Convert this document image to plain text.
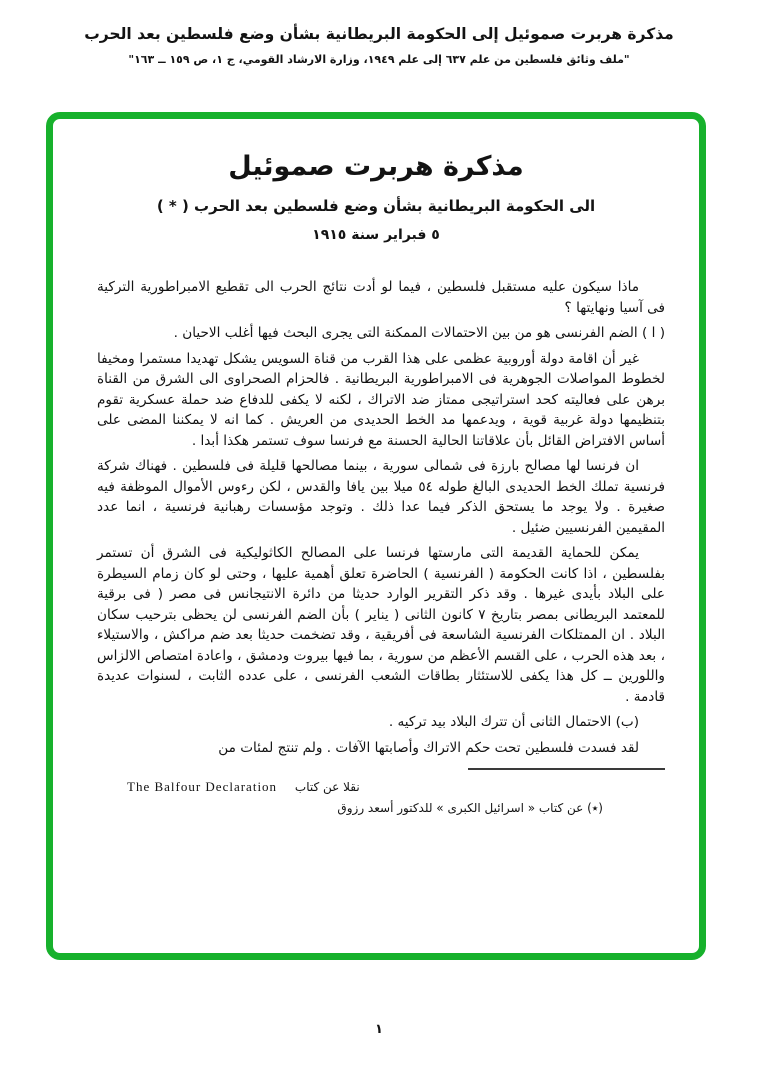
مذكرة هربرت صموئيل إلى الحكومة البريطانية بشأن وضع فلسطين بعد الحرب
"ملف وثائق فلسطين من علم ٦٣٧ إلى علم ١٩٤٩، وزارة الارشاد القومي، ج ١، ص ١٥٩ ــ ١٦٣"
مذكرة هربرت صموئيل
الى الحكومة البريطانية بشأن وضع فلسطين بعد الحرب ( * )
٥ فبراير سنة ١٩١٥

ماذا سيكون عليه مستقبل فلسطين ، فيما لو أدت نتائج الحرب الى تقطيع الامبراطورية التركية فى آسيا ونهايتها ؟

( ا ) الضم الفرنسى هو من بين الاحتمالات الممكنة التى يجرى البحث فيها أغلب الاحيان .

غير أن اقامة دولة أوروبية عظمى على هذا القرب من قناة السويس يشكل تهديدا مستمرا ومخيفا لخطوط المواصلات الجوهرية فى الامبراطورية البريطانية . فالحزام الصحراوى الى الشرق من القناة برهن على فعاليته كحد استراتيجى ممتاز ضد الاتراك ، لكنه لا يكفى للدفاع ضد حملة عسكرية تقوم بتنظيمها دولة غربية قوية ، ويدعمها مد الخط الحديدى من العريش . كما انه لا يمكننا المضى على أساس الافتراض القائل بأن علاقاتنا الحالية الحسنة مع فرنسا سوف تستمر هكذا أبدا .

ان فرنسا لها مصالح بارزة فى شمالى سورية ، بينما مصالحها قليلة فى فلسطين . فهناك شركة فرنسية تملك الخط الحديدى البالغ طوله ٥٤ ميلا بين يافا والقدس ، لكن رءوس الأموال الموظفة فيه صغيرة . ولا يوجد ما يستحق الذكر فيما عدا ذلك . وتوجد مؤسسات رهبانية فرنسية ، انما عدد المقيمين الفرنسيين ضئيل .

يمكن للحماية القديمة التى مارستها فرنسا على المصالح الكاثوليكية فى الشرق أن تستمر بفلسطين ، اذا كانت الحكومة ( الفرنسية ) الحاضرة تعلق أهمية عليها ، وحتى لو كان زمام السيطرة على البلاد بأيدى غيرها . وقد ذكر التقرير الوارد حديثا من دائرة الانتيجانس فى مصر ( فى برقية للمعتمد البريطانى بمصر بتاريخ ٧ كانون الثانى ( يناير ) بأن الضم الفرنسى لن يحظى بترحيب سكان البلاد . ان الممتلكات الفرنسية الشاسعة فى أفريقية ، وقد تضخمت حديثا بعد ضم مراكش ، والاستيلاء ، بعد هذه الحرب ، على القسم الأعظم من سورية ، بما فيها بيروت ودمشق ، واعادة امتصاص الالزاس واللورين ــ كل هذا يكفى للاستئثار بطاقات الشعب الفرنسى ، على عدده الثابت ، لسنوات عديدة قادمة .

(ب) الاحتمال الثانى أن تترك البلاد بيد تركيه .

لقد فسدت فلسطين تحت حكم الاتراك وأصابتها الآفات . ولم تنتج لمئات من

نقلا عن كتاب The Balfour Declaration
(٭) عن كتاب « اسرائيل الكبرى » للدكتور أسعد رزوق
١
